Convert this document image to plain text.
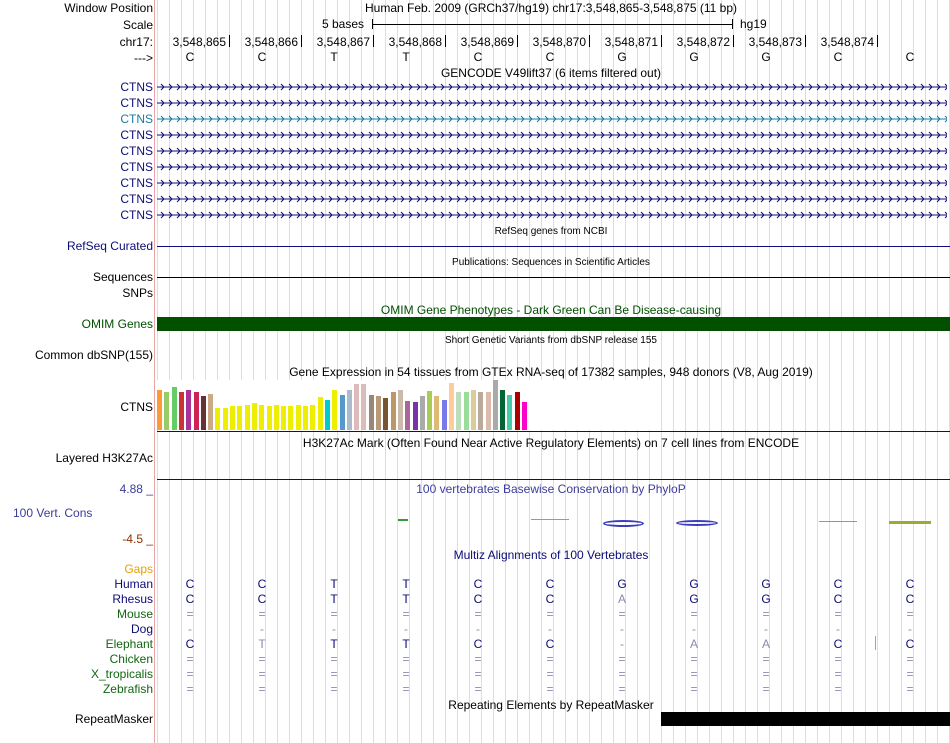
Window Position
Scale
chr17:
--->
Human Feb. 2009 (GRCh37/hg19) chr17:3,548,865-3,548,875 (11 bp)
5 bases	hg19
3,548,865	3,548,866	3,548,867	3,548,868	3,548,869	3,548,870	3,548,871	3,548,872	3,548,873	3,548,874
C	C	T	T	C	C	G	G	G	C	C
GENCODE V49lift37 (6 items filtered out)
CTNS
CTNS
CTNS
CTNS
CTNS
CTNS
CTNS
CTNS
CTNS
RefSeq genes from NCBI
RefSeq Curated
Publications: Sequences in Scientific Articles
Sequences
SNPs
OMIM Gene Phenotypes - Dark Green Can Be Disease-causing
OMIM Genes
Short Genetic Variants from dbSNP release 155
Common dbSNP(155)
Gene Expression in 54 tissues from GTEx RNA-seq of 17382 samples, 948 donors (V8, Aug 2019)
CTNS
H3K27Ac Mark (Often Found Near Active Regulatory Elements) on 7 cell lines from ENCODE
Layered H3K27Ac
100 vertebrates Basewise Conservation by PhyloP
4.88 _
100 Vert. Cons
-4.5 _
Multiz Alignments of 100 Vertebrates
Gaps
Human	C	C	T	T	C	C	G	G	G	C	C
Rhesus	C	C	T	T	C	C	A	G	G	C	C
Mouse	=	=	=	=	=	=	=	=	=	=	=
Dog	-	-	-	-	-	-	-	-	-	-	-
Elephant	C	T	T	T	C	C	-	A	A	C	C
Chicken	=	=	=	=	=	=	=	=	=	=	=
X_tropicalis	=	=	=	=	=	=	=	=	=	=	=
Zebrafish	=	=	=	=	=	=	=	=	=	=	=
Repeating Elements by RepeatMasker
RepeatMasker
